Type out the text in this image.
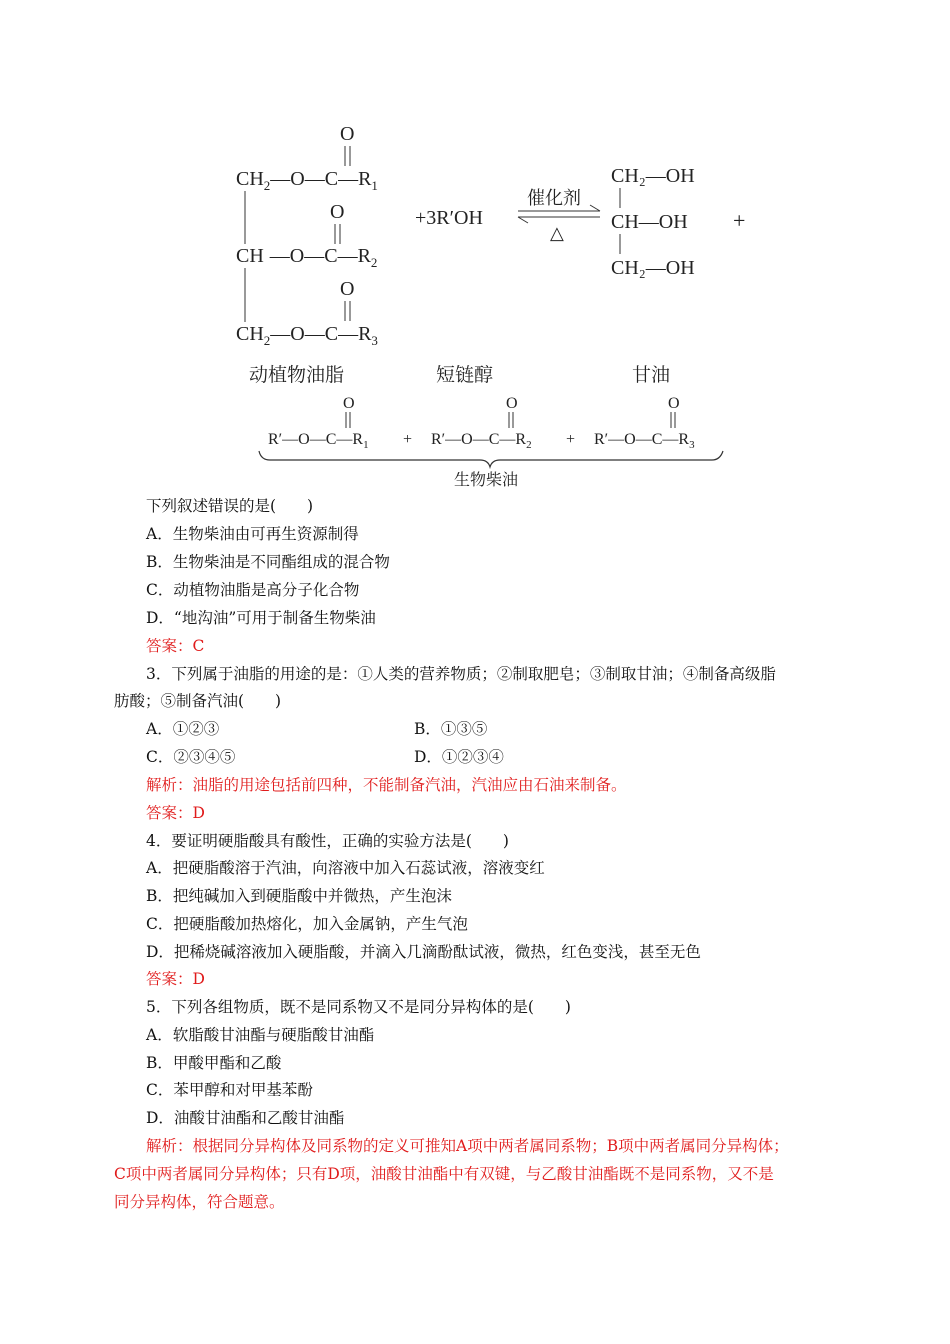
O
$CH_2—O—C—R_1$
O
CH $—O—C—R_2$
O
$CH_2—O—C—R_3$
+3R′OH
催化剂
△
CH₂—OH
CH—OH
CH₂—OH
+
动植物油脂	短链醇	甘油
O
$R'—O—C—R_1$ +
O
$R'—O—C—R_2$ +
O
$R'—O—C—R_3$
生物柴油
下列叙述错误的是(　　)
A．生物柴油由可再生资源制得
B．生物柴油是不同酯组成的混合物
C．动植物油脂是高分子化合物
D．“地沟油”可用于制备生物柴油
答案：C
3．下列属于油脂的用途的是：①人类的营养物质；②制取肥皂；③制取甘油；④制备高级脂
肪酸；⑤制备汽油(　　)
A．①②③	B．①③⑤
C．②③④⑤	D．①②③④
解析：油脂的用途包括前四种，不能制备汽油，汽油应由石油来制备。
答案：D
4．要证明硬脂酸具有酸性，正确的实验方法是(　　)
A．把硬脂酸溶于汽油，向溶液中加入石蕊试液，溶液变红
B．把纯碱加入到硬脂酸中并微热，产生泡沫
C．把硬脂酸加热熔化，加入金属钠，产生气泡
D．把稀烧碱溶液加入硬脂酸，并滴入几滴酚酞试液，微热，红色变浅，甚至无色
答案：D
5．下列各组物质，既不是同系物又不是同分异构体的是(　　)
A．软脂酸甘油酯与硬脂酸甘油酯
B．甲酸甲酯和乙酸
C．苯甲醇和对甲基苯酚
D．油酸甘油酯和乙酸甘油酯
解析：根据同分异构体及同系物的定义可推知A项中两者属同系物；B项中两者属同分异构体；
C项中两者属同分异构体；只有D项，油酸甘油酯中有双键，与乙酸甘油酯既不是同系物，又不是
同分异构体，符合题意。
